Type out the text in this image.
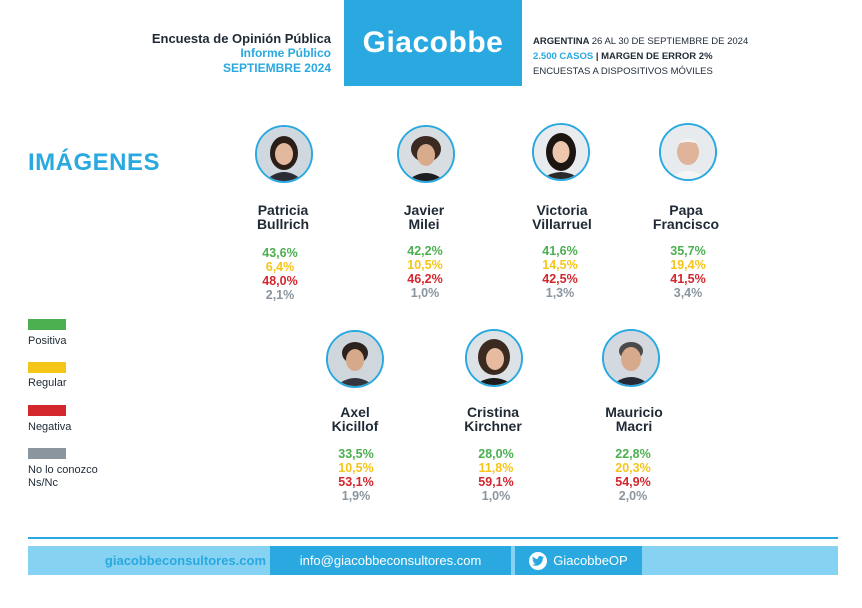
Encuesta de Opinión Pública
Informe Público
SEPTIEMBRE 2024
Giacobbe	ARGENTINA 26 AL 30 DE SEPTIEMBRE DE 2024
2.500 CASOS | MARGEN DE ERROR 2%
ENCUESTAS A DISPOSITIVOS MÓVILES
IMÁGENES
Patricia
Bullrich
43,6%
6,4%
48,0%
2,1%
Javier
Milei
42,2%
10,5%
46,2%
1,0%
Victoria
Villarruel
41,6%
14,5%
42,5%
1,3%
Papa
Francisco
35,7%
19,4%
41,5%
3,4%
Axel
Kicillof
33,5%
10,5%
53,1%
1,9%
Cristina
Kirchner
28,0%
11,8%
59,1%
1,0%
Mauricio
Macri
22,8%
20,3%
54,9%
2,0%
Positiva
Regular
Negativa
No lo conozco
Ns/Nc
giacobbeconsultores.com	info@giacobbeconsultores.com	GiacobbeOP
